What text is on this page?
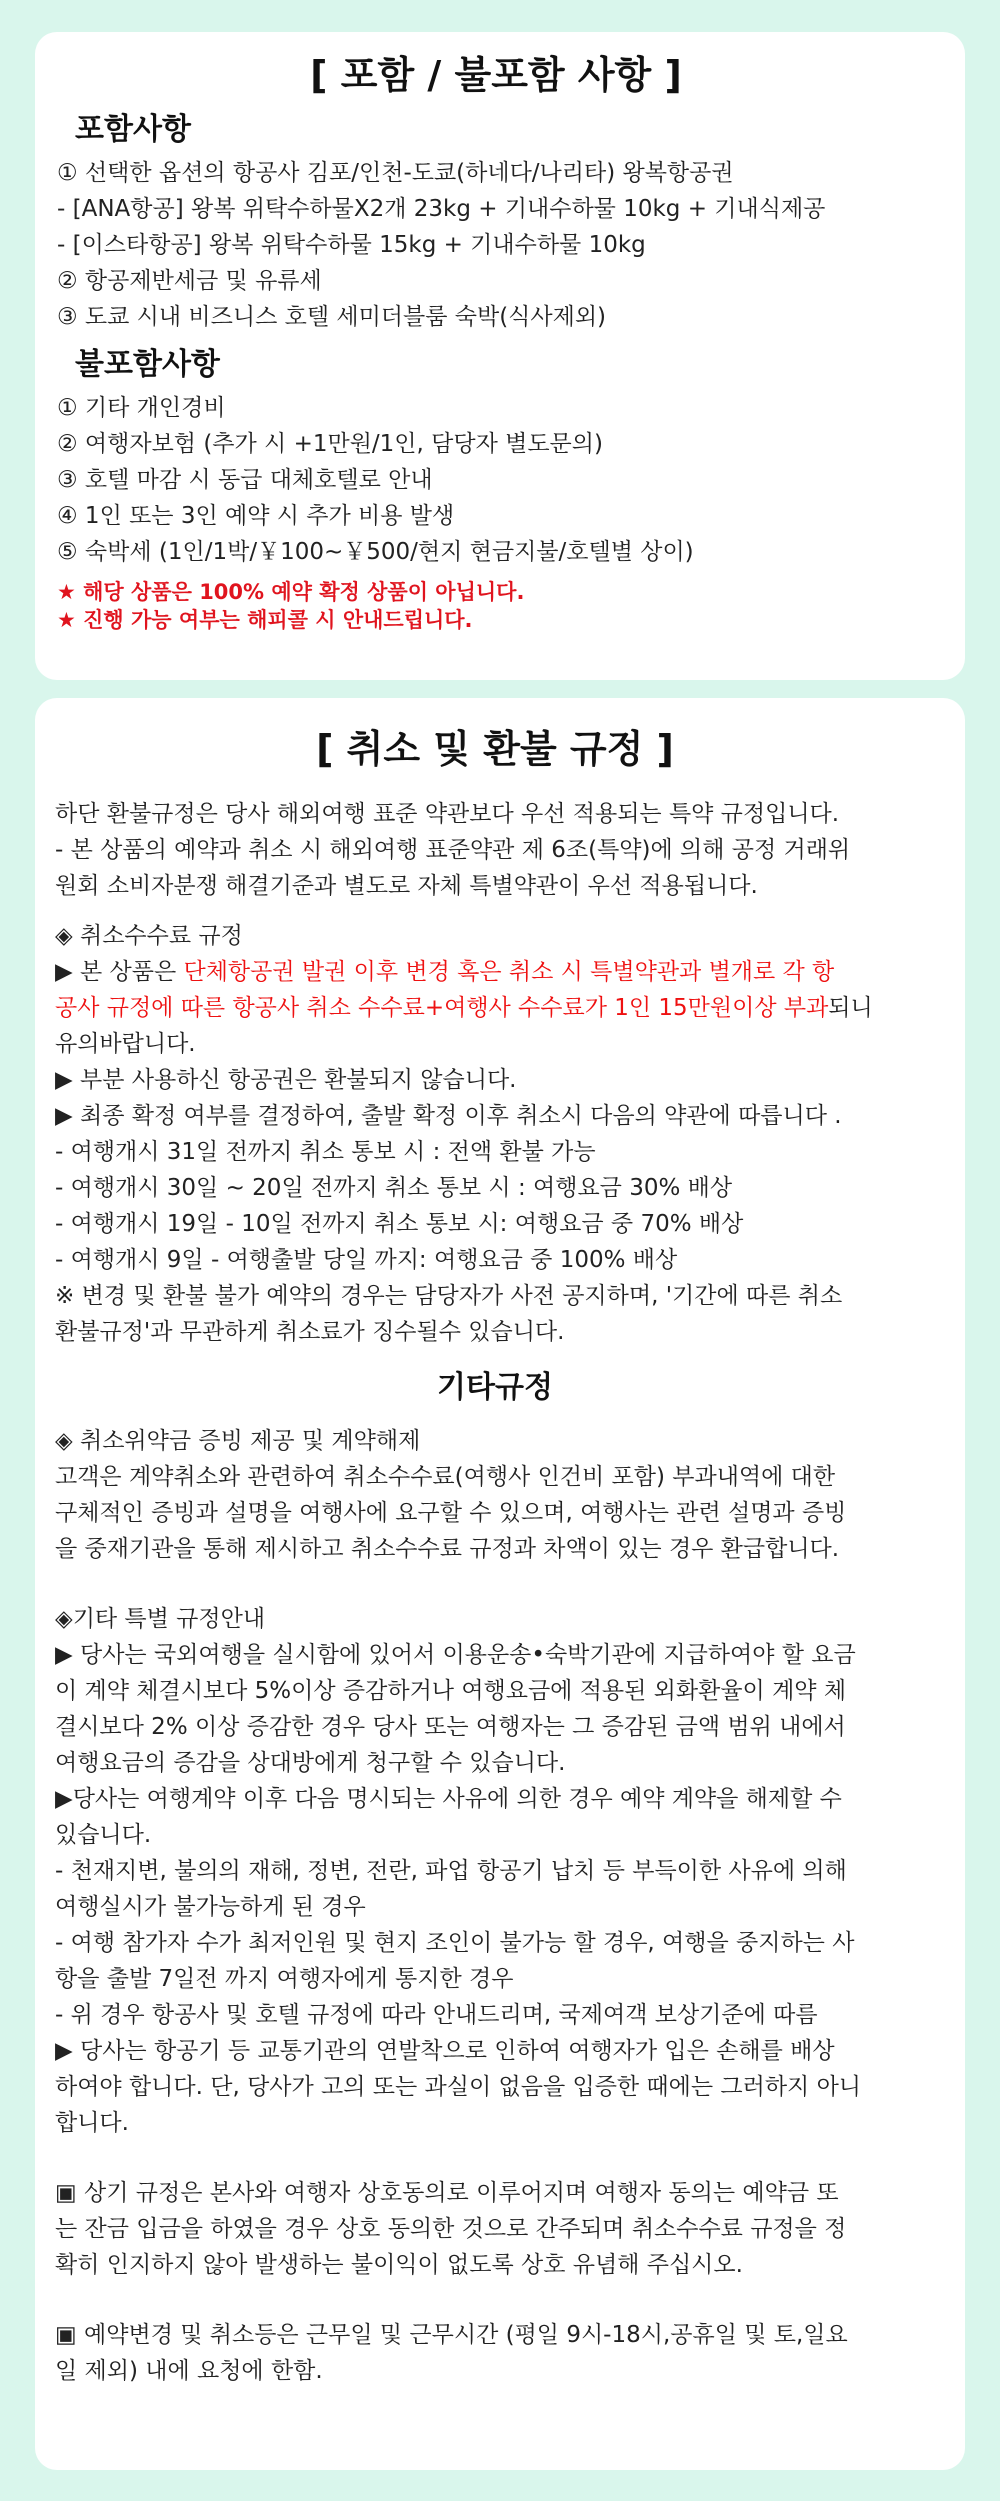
[ 포함 / 불포함 사항 ]
포함사항

① 선택한 옵션의 항공사 김포/인천-도쿄(하네다/나리타) 왕복항공권

- [ANA항공] 왕복 위탁수하물X2개 23kg + 기내수하물 10kg + 기내식제공

- [이스타항공] 왕복 위탁수하물 15kg + 기내수하물 10kg

② 항공제반세금 및 유류세

③ 도쿄 시내 비즈니스 호텔 세미더블룸 숙박(식사제외)

불포함사항

① 기타 개인경비

② 여행자보험 (추가 시 +1만원/1인, 담당자 별도문의)

③ 호텔 마감 시 동급 대체호텔로 안내

④ 1인 또는 3인 예약 시 추가 비용 발생

⑤ 숙박세 (1인/1박/￥100~￥500/현지 현금지불/호텔별 상이)

★ 해당 상품은 100% 예약 확정 상품이 아닙니다.

★ 진행 가능 여부는 해피콜 시 안내드립니다.

[ 취소 및 환불 규정 ]

하단 환불규정은 당사 해외여행 표준 약관보다 우선 적용되는 특약 규정입니다.

- 본 상품의 예약과 취소 시 해외여행 표준약관 제 6조(특약)에 의해 공정 거래위

원회 소비자분쟁 해결기준과 별도로 자체 특별약관이 우선 적용됩니다.

◈ 취소수수료 규정

▶ 본 상품은 단체항공권 발권 이후 변경 혹은 취소 시 특별약관과 별개로 각 항

공사 규정에 따른 항공사 취소 수수료+여행사 수수료가 1인 15만원이상 부과되니

유의바랍니다.

▶ 부분 사용하신 항공권은 환불되지 않습니다.

▶ 최종 확정 여부를 결정하여, 출발 확정 이후 취소시 다음의 약관에 따릅니다 .

- 여행개시 31일 전까지 취소 통보 시 : 전액 환불 가능

- 여행개시 30일 ~ 20일 전까지 취소 통보 시 : 여행요금 30% 배상

- 여행개시 19일 - 10일 전까지 취소 통보 시: 여행요금 중 70% 배상

- 여행개시 9일 - 여행출발 당일 까지: 여행요금 중 100% 배상

※ 변경 및 환불 불가 예약의 경우는 담당자가 사전 공지하며, '기간에 따른 취소

환불규정'과 무관하게 취소료가 징수될수 있습니다.

기타규정

◈ 취소위약금 증빙 제공 및 계약해제

고객은 계약취소와 관련하여 취소수수료(여행사 인건비 포함) 부과내역에 대한

구체적인 증빙과 설명을 여행사에 요구할 수 있으며, 여행사는 관련 설명과 증빙

을 중재기관을 통해 제시하고 취소수수료 규정과 차액이 있는 경우 환급합니다.

◈기타 특별 규정안내

▶ 당사는 국외여행을 실시함에 있어서 이용운송•숙박기관에 지급하여야 할 요금

이 계약 체결시보다 5%이상 증감하거나 여행요금에 적용된 외화환율이 계약 체

결시보다 2% 이상 증감한 경우 당사 또는 여행자는 그 증감된 금액 범위 내에서

여행요금의 증감을 상대방에게 청구할 수 있습니다.

▶당사는 여행계약 이후 다음 명시되는 사유에 의한 경우 예약 계약을 해제할 수

있습니다.

- 천재지변, 불의의 재해, 정변, 전란, 파업 항공기 납치 등 부득이한 사유에 의해

여행실시가 불가능하게 된 경우

- 여행 참가자 수가 최저인원 및 현지 조인이 불가능 할 경우, 여행을 중지하는 사

항을 출발 7일전 까지 여행자에게 통지한 경우

- 위 경우 항공사 및 호텔 규정에 따라 안내드리며, 국제여객 보상기준에 따름

▶ 당사는 항공기 등 교통기관의 연발착으로 인하여 여행자가 입은 손해를 배상

하여야 합니다. 단, 당사가 고의 또는 과실이 없음을 입증한 때에는 그러하지 아니

합니다.

▣ 상기 규정은 본사와 여행자 상호동의로 이루어지며 여행자 동의는 예약금 또

는 잔금 입금을 하였을 경우 상호 동의한 것으로 간주되며 취소수수료 규정을 정

확히 인지하지 않아 발생하는 불이익이 없도록 상호 유념해 주십시오.

▣ 예약변경 및 취소등은 근무일 및 근무시간 (평일 9시-18시,공휴일 및 토,일요

일 제외) 내에 요청에 한함.
